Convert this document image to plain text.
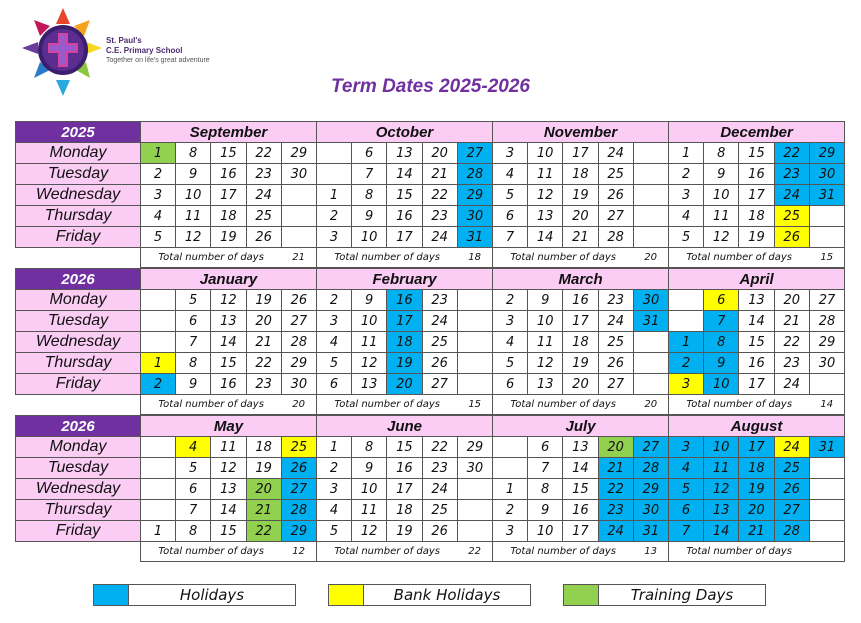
St. Paul's
C.E. Primary School
Together on life's great adventure
Term Dates 2025-2026
2025	September					October					November					December				
Monday	1	8	15	22	29		6	13	20	27	3	10	17	24		1	8	15	22	29
Tuesday	2	9	16	23	30		7	14	21	28	4	11	18	25		2	9	16	23	30
Wednesday	3	10	17	24		1	8	15	22	29	5	12	19	26		3	10	17	24	31
Thursday	4	11	18	25		2	9	16	23	30	6	13	20	27		4	11	18	25	
Friday	5	12	19	26		3	10	17	24	31	7	14	21	28		5	12	19	26	
	Total number of days				21	Total number of days				18	Total number of days				20	Total number of days				15
2026	January					February					March					April				
Monday		5	12	19	26	2	9	16	23		2	9	16	23	30		6	13	20	27
Tuesday		6	13	20	27	3	10	17	24		3	10	17	24	31		7	14	21	28
Wednesday		7	14	21	28	4	11	18	25		4	11	18	25		1	8	15	22	29
Thursday	1	8	15	22	29	5	12	19	26		5	12	19	26		2	9	16	23	30
Friday	2	9	16	23	30	6	13	20	27		6	13	20	27		3	10	17	24	
	Total number of days				20	Total number of days				15	Total number of days				20	Total number of days				14
2026	May					June					July					August				
Monday		4	11	18	25	1	8	15	22	29		6	13	20	27	3	10	17	24	31
Tuesday		5	12	19	26	2	9	16	23	30		7	14	21	28	4	11	18	25	
Wednesday		6	13	20	27	3	10	17	24		1	8	15	22	29	5	12	19	26	
Thursday		7	14	21	28	4	11	18	25		2	9	16	23	30	6	13	20	27	
Friday	1	8	15	22	29	5	12	19	26		3	10	17	24	31	7	14	21	28	
	Total number of days				12	Total number of days				22	Total number of days				13	Total number of days				
Holidays	Bank Holidays	Training Days
